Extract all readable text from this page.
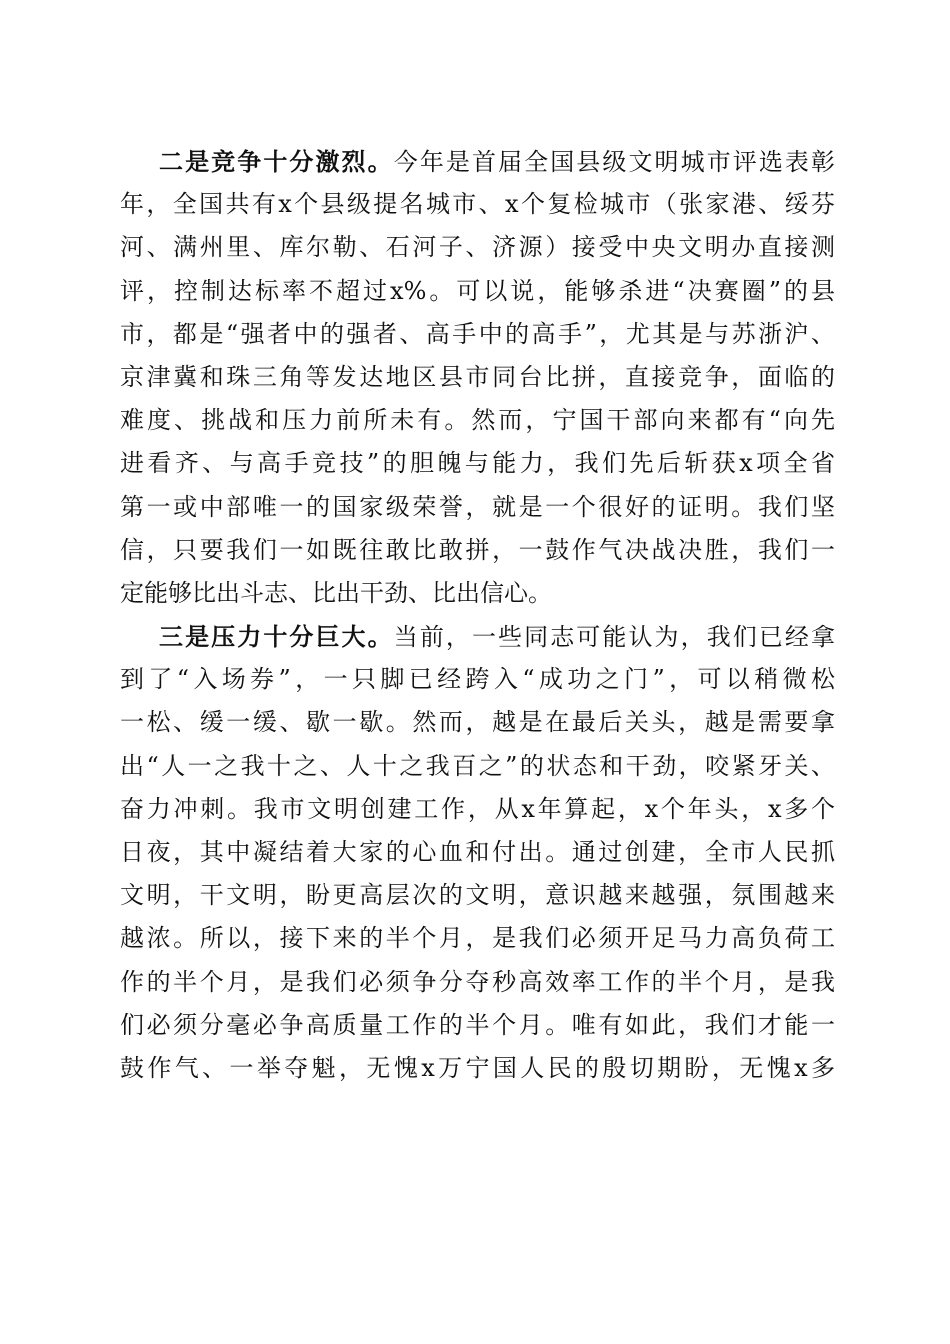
二是竞争十分激烈。今年是首届全国县级文明城市评选表彰
年，全国共有x个县级提名城市、x个复检城市（张家港、绥芬
河、满州里、库尔勒、石河子、济源）接受中央文明办直接测
评，控制达标率不超过x%。可以说，能够杀进“决赛圈”的县
市，都是“强者中的强者、高手中的高手”，尤其是与苏浙沪、
京津冀和珠三角等发达地区县市同台比拼，直接竞争，面临的
难度、挑战和压力前所未有。然而，宁国干部向来都有“向先
进看齐、与高手竞技”的胆魄与能力，我们先后斩获x项全省
第一或中部唯一的国家级荣誉，就是一个很好的证明。我们坚
信，只要我们一如既往敢比敢拼，一鼓作气决战决胜，我们一
定能够比出斗志、比出干劲、比出信心。
三是压力十分巨大。当前，一些同志可能认为，我们已经拿
到了“入场券”，一只脚已经跨入“成功之门”，可以稍微松
一松、缓一缓、歇一歇。然而，越是在最后关头，越是需要拿
出“人一之我十之、人十之我百之”的状态和干劲，咬紧牙关、
奋力冲刺。我市文明创建工作，从x年算起，x个年头，x多个
日夜，其中凝结着大家的心血和付出。通过创建，全市人民抓
文明，干文明，盼更高层次的文明，意识越来越强，氛围越来
越浓。所以，接下来的半个月，是我们必须开足马力高负荷工
作的半个月，是我们必须争分夺秒高效率工作的半个月，是我
们必须分毫必争高质量工作的半个月。唯有如此，我们才能一
鼓作气、一举夺魁，无愧x万宁国人民的殷切期盼，无愧x多
